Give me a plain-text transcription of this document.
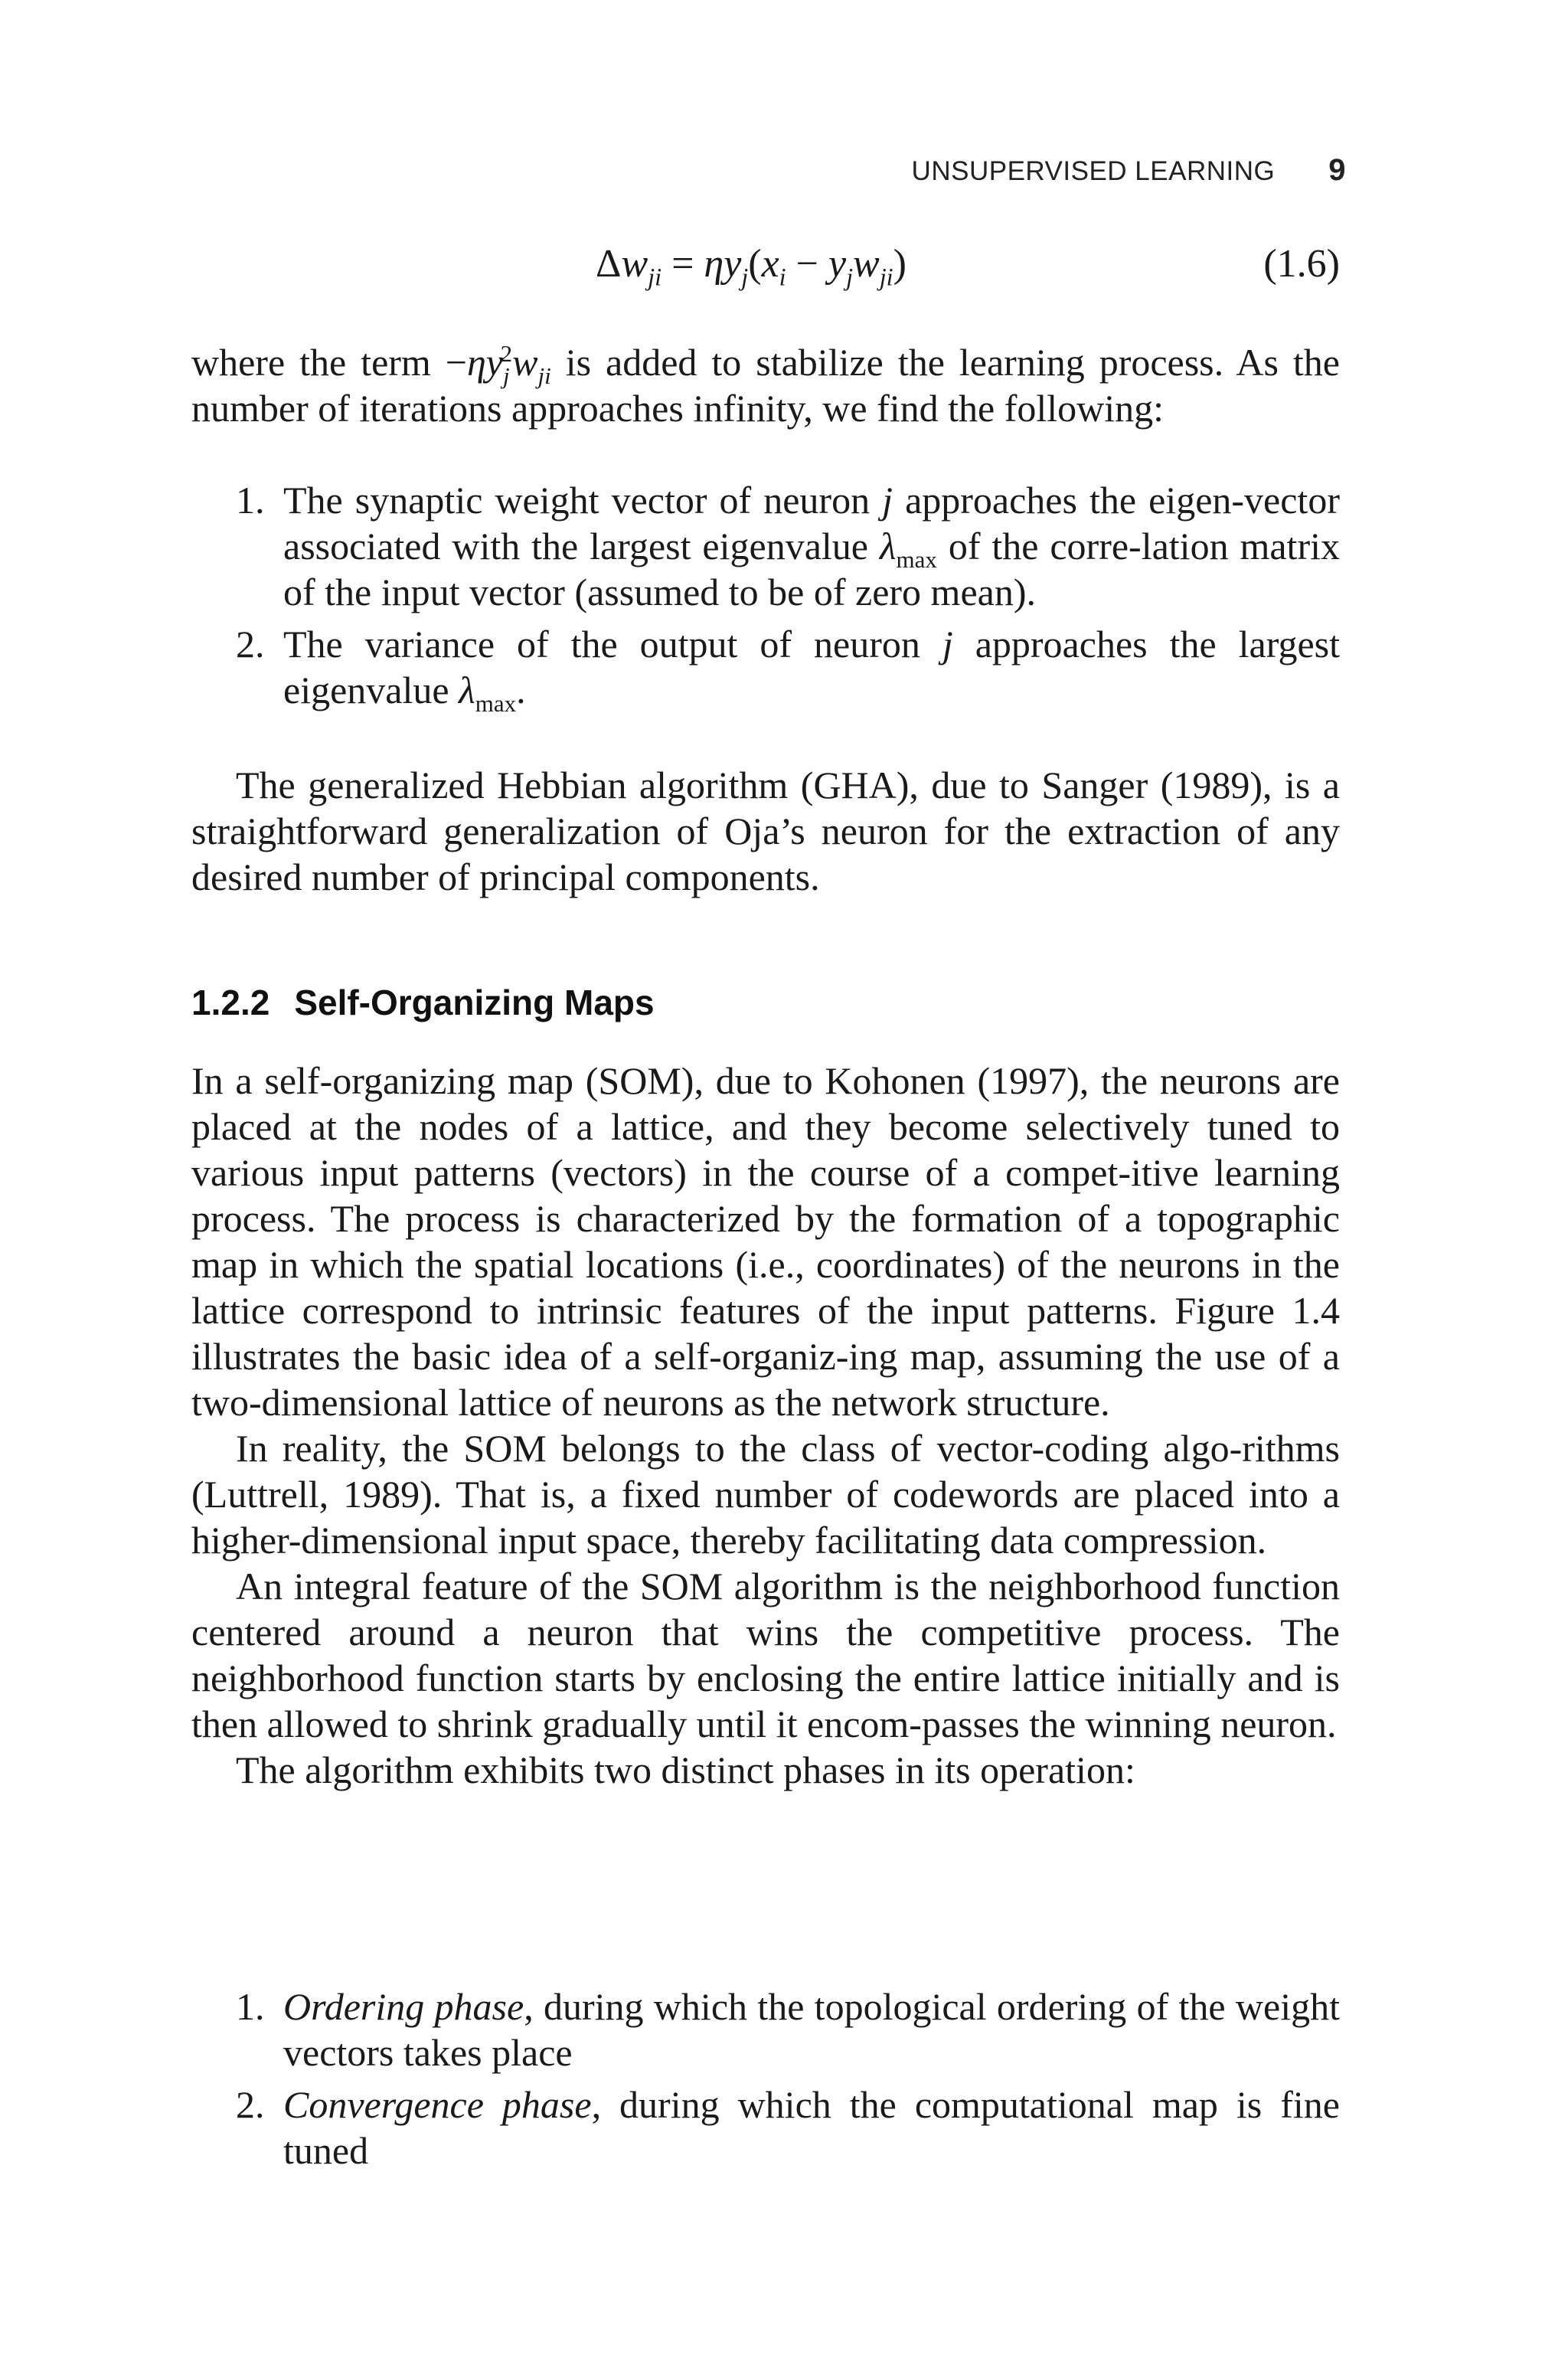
UNSUPERVISED LEARNING 9
$\Delta w_{ji} = \eta y_j(x_i - y_jw_{ji})$	(1.6)

where the term $-\eta y_j^2w_{ji}$ is added to stabilize the learning process. As the number of iterations approaches infinity, we find the following:

1. The synaptic weight vector of neuron j approaches the eigen-vector associated with the largest eigenvalue $\lambda_{max}$ of the corre-lation matrix of the input vector (assumed to be of zero mean).
2. The variance of the output of neuron j approaches the largest eigenvalue $\lambda_{max}$.

The generalized Hebbian algorithm (GHA), due to Sanger (1989), is a straightforward generalization of Oja’s neuron for the extraction of any desired number of principal components.

1.2.2 Self-Organizing Maps

In a self-organizing map (SOM), due to Kohonen (1997), the neurons are placed at the nodes of a lattice, and they become selectively tuned to various input patterns (vectors) in the course of a compet-itive learning process. The process is characterized by the formation of a topographic map in which the spatial locations (i.e., coordinates) of the neurons in the lattice correspond to intrinsic features of the input patterns. Figure 1.4 illustrates the basic idea of a self-organiz-ing map, assuming the use of a two-dimensional lattice of neurons as the network structure.

In reality, the SOM belongs to the class of vector-coding algo-rithms (Luttrell, 1989). That is, a fixed number of codewords are placed into a higher-dimensional input space, thereby facilitating data compression.

An integral feature of the SOM algorithm is the neighborhood function centered around a neuron that wins the competitive process. The neighborhood function starts by enclosing the entire lattice initially and is then allowed to shrink gradually until it encom-passes the winning neuron.

The algorithm exhibits two distinct phases in its operation:

1. Ordering phase, during which the topological ordering of the weight vectors takes place
2. Convergence phase, during which the computational map is fine tuned
